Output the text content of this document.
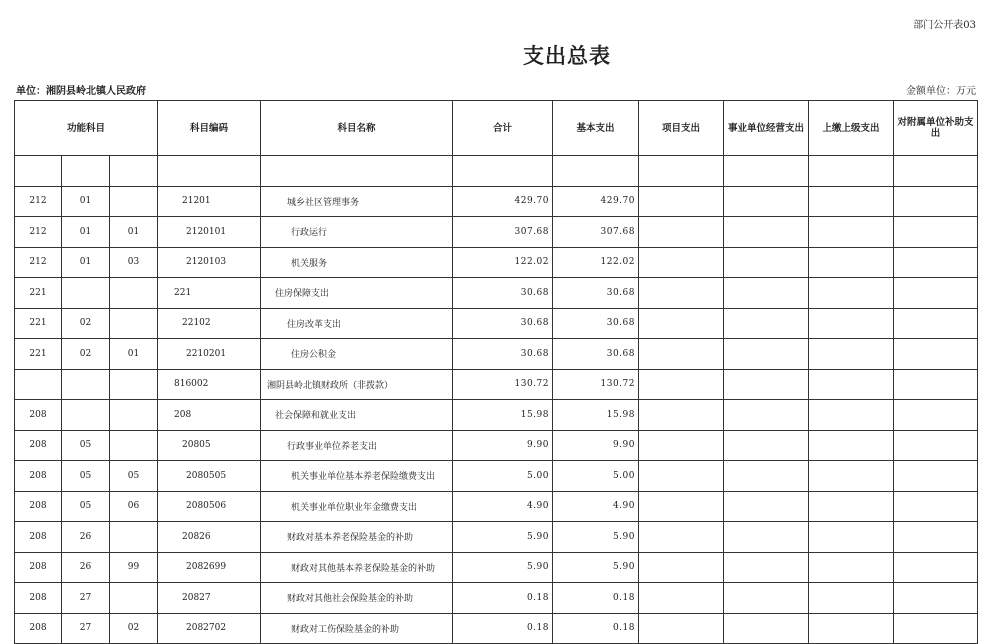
部门公开表03
支出总表
单位：湘阴县岭北镇人民政府	金额单位：万元
功能科目			科目编码	科目名称	合计	基本支出	项目支出	事业单位经营支出	上缴上级支出	对附属单位补助支出

212	01		21201	城乡社区管理事务	429.70	429.70				
212	01	01	2120101	行政运行	307.68	307.68				
212	01	03	2120103	机关服务	122.02	122.02				
221			221	住房保障支出	30.68	30.68				
221	02		22102	住房改革支出	30.68	30.68				
221	02	01	2210201	住房公积金	30.68	30.68				
			816002	湘阴县岭北镇财政所（非拨款）	130.72	130.72				
208			208	社会保障和就业支出	15.98	15.98				
208	05		20805	行政事业单位养老支出	9.90	9.90				
208	05	05	2080505	机关事业单位基本养老保险缴费支出	5.00	5.00				
208	05	06	2080506	机关事业单位职业年金缴费支出	4.90	4.90				
208	26		20826	财政对基本养老保险基金的补助	5.90	5.90				
208	26	99	2082699	财政对其他基本养老保险基金的补助	5.90	5.90				
208	27		20827	财政对其他社会保险基金的补助	0.18	0.18				
208	27	02	2082702	财政对工伤保险基金的补助	0.18	0.18				
